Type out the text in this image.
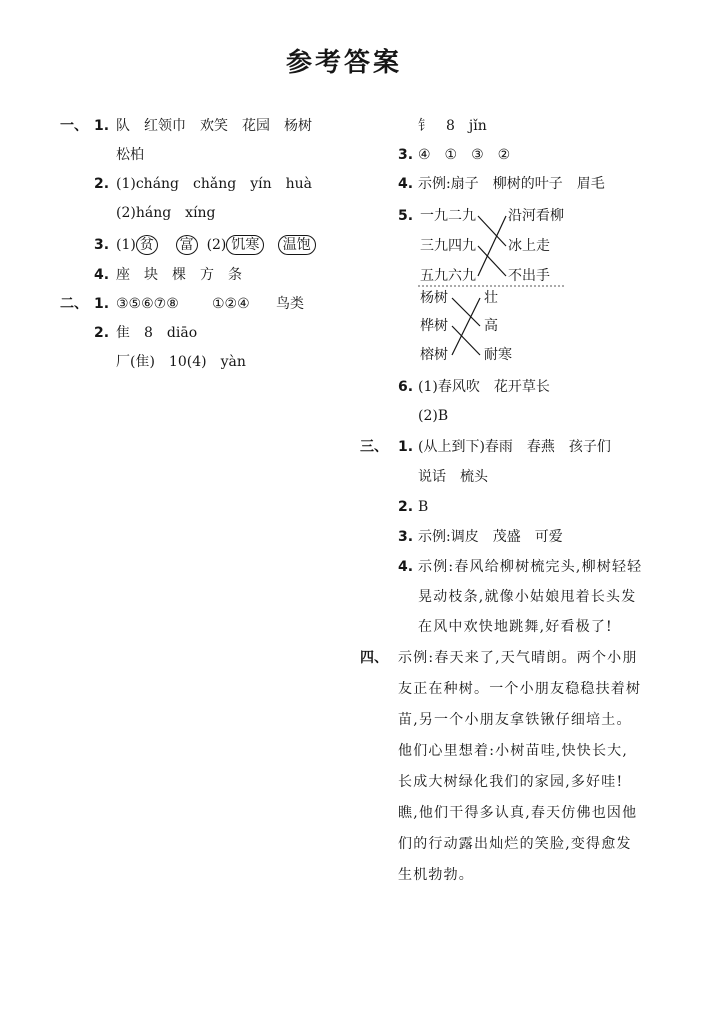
参考答案
一、 1. 队　红领巾　欢笑　花园　杨树
松柏
2. (1)cháng　chǎng　yín　huà
(2)háng　xíng
3. (1) 贫 富 (2) 饥寒 温饱
4. 座　块　棵　方　条
二、 1. ③⑤⑥⑦⑧ ①②④ 鸟类
2. 隹　8　diāo
厂(隹)　10(4)　yàn
钅　8　jǐn
3. ④　①　③　②
4. 示例:扇子　柳树的叶子　眉毛
5. 一九二九
三九四九
五九六九
沿河看柳
冰上走
不出手
杨树
桦树
榕树
壮
高
耐寒
6. (1)春风吹　花开草长
(2)B
三、 1. (从上到下)春雨　春燕　孩子们
说话　梳头
2. B
3. 示例:调皮　茂盛　可爱
4. 示例:春风给柳树梳完头,柳树轻轻
晃动枝条,就像小姑娘甩着长头发
在风中欢快地跳舞,好看极了!
四、 示例:春天来了,天气晴朗。两个小朋
友正在种树。一个小朋友稳稳扶着树
苗,另一个小朋友拿铁锹仔细培土。
他们心里想着:小树苗哇,快快长大,
长成大树绿化我们的家园,多好哇!
瞧,他们干得多认真,春天仿佛也因他
们的行动露出灿烂的笑脸,变得愈发
生机勃勃。
